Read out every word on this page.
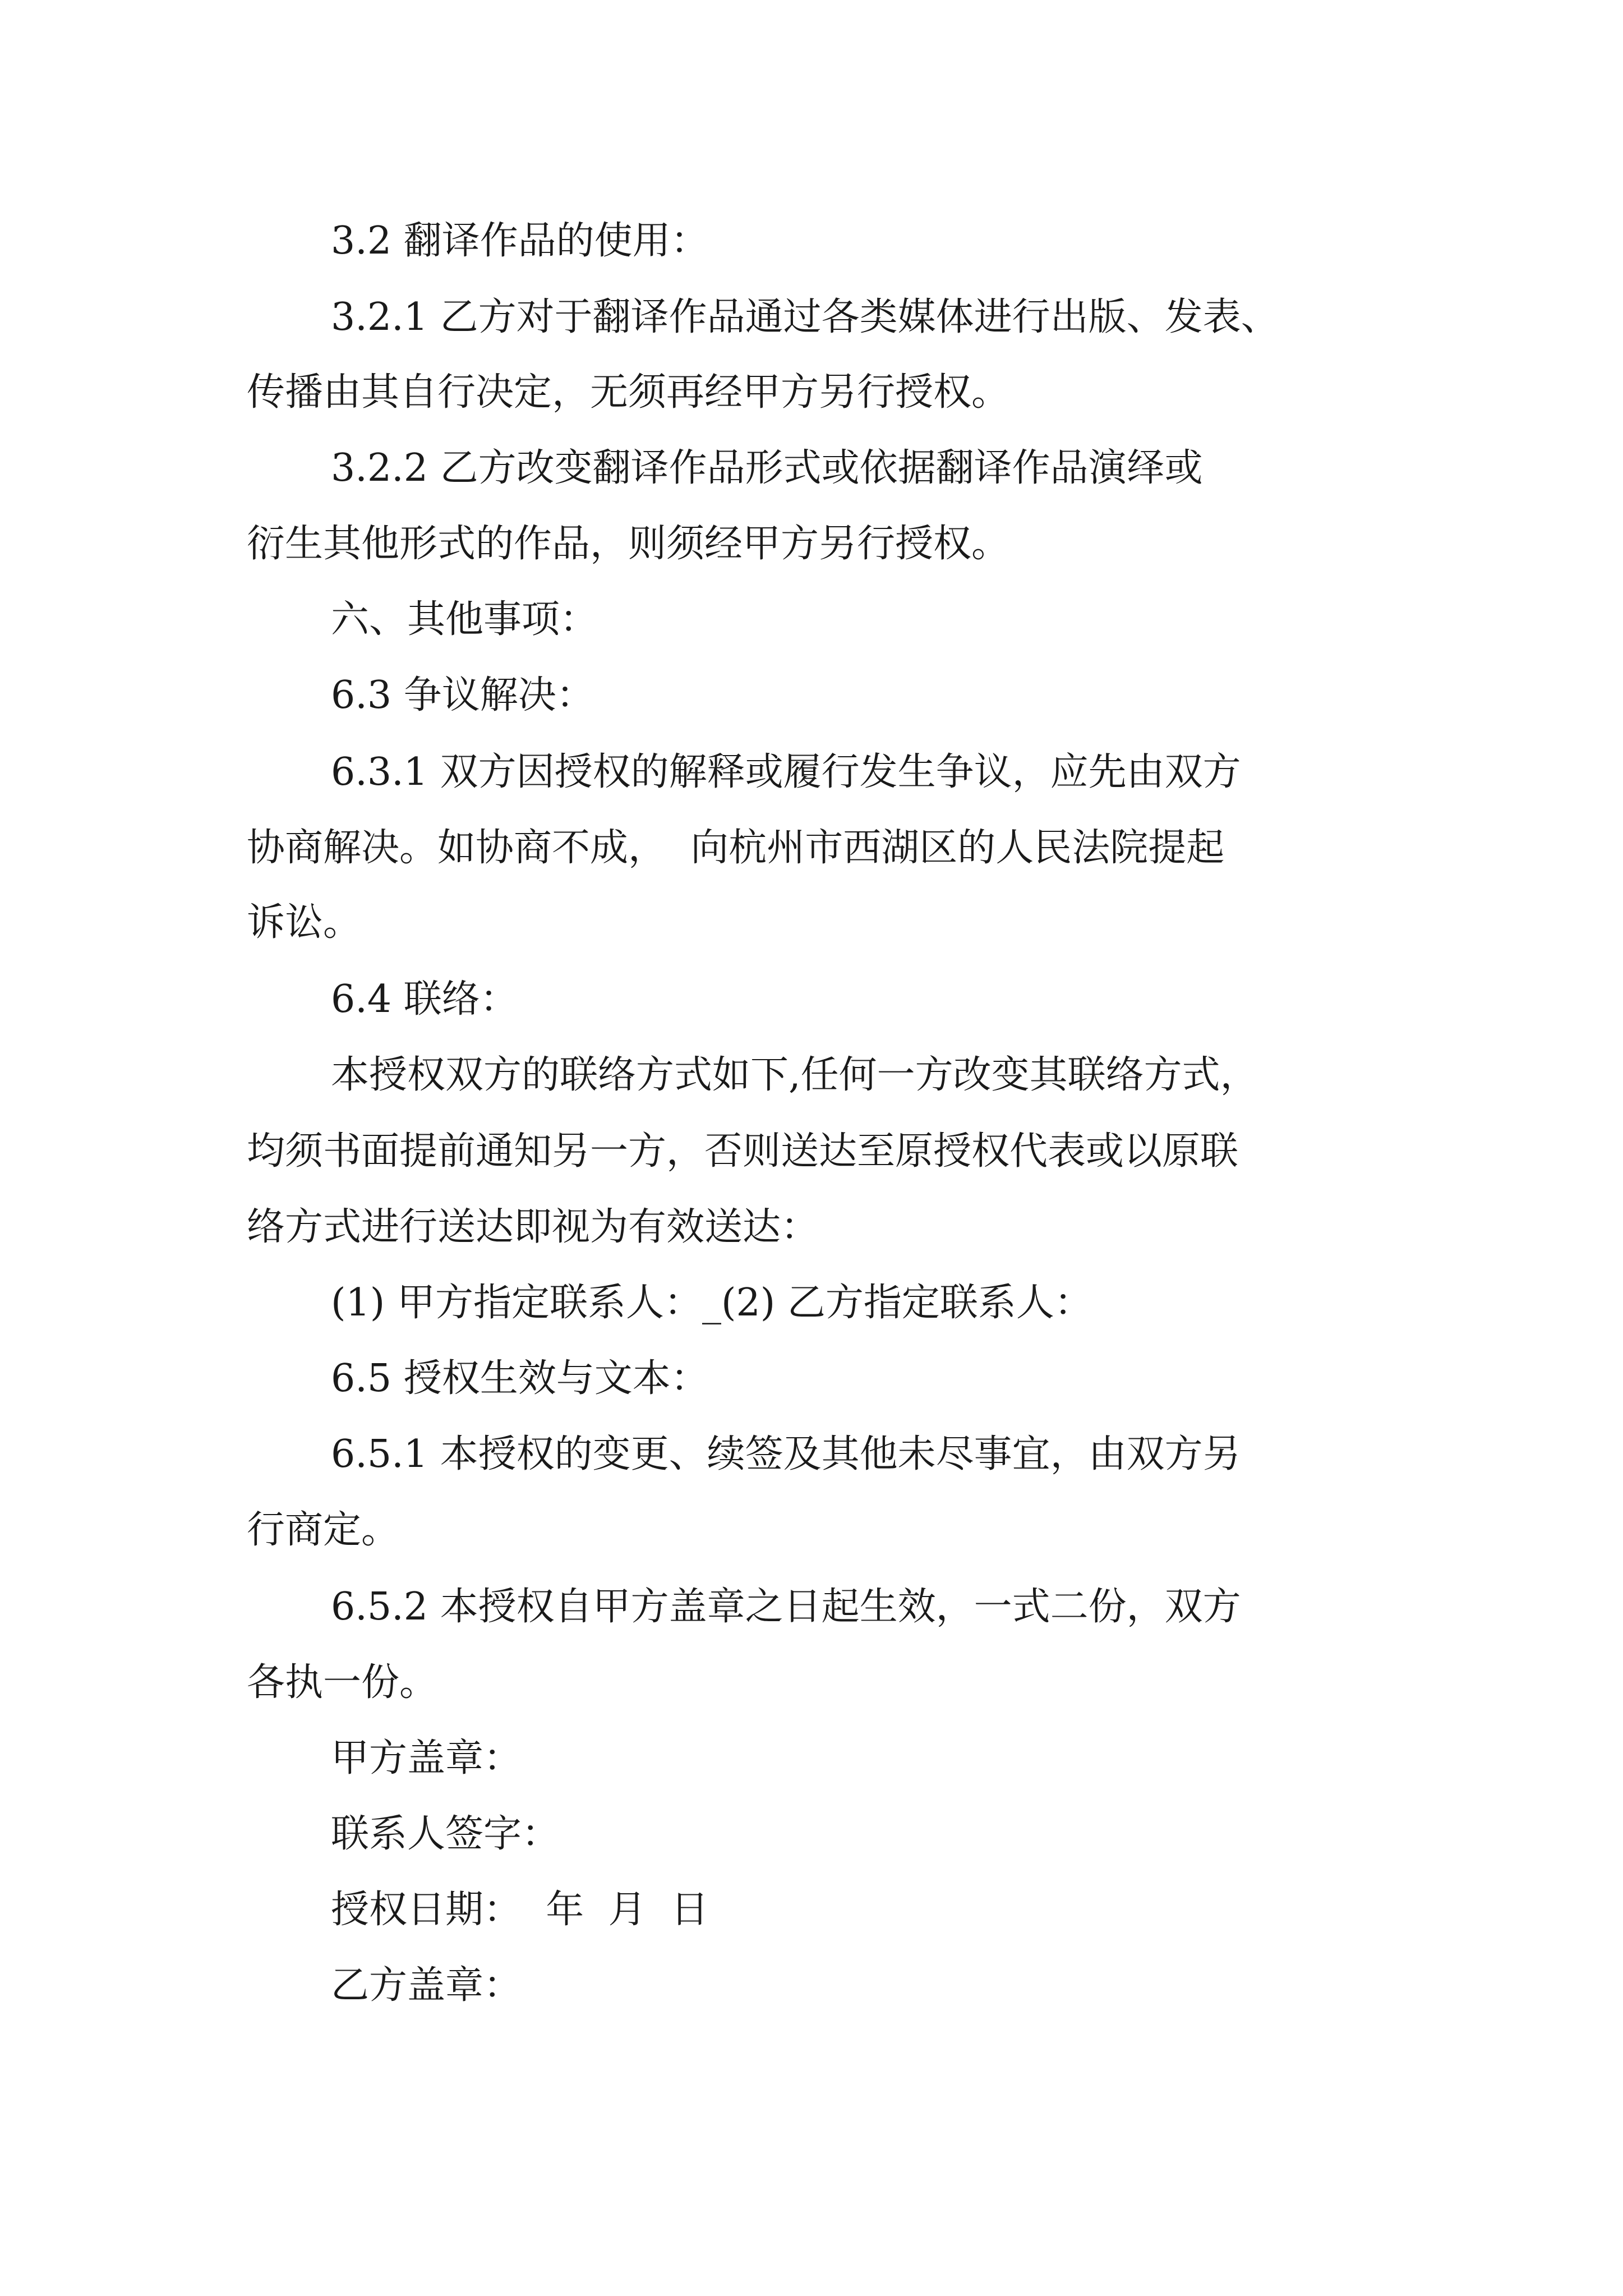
3.2 翻译作品的使用：

3.2.1 乙方对于翻译作品通过各类媒体进行出版、发表、

传播由其自行决定，无须再经甲方另行授权。

3.2.2 乙方改变翻译作品形式或依据翻译作品演绎或

衍生其他形式的作品，则须经甲方另行授权。

六、其他事项：

6.3 争议解决：

6.3.1 双方因授权的解释或履行发生争议，应先由双方

协商解决。如协商不成，  向杭州市西湖区的人民法院提起

诉讼。

6.4 联络：

本授权双方的联络方式如下,任何一方改变其联络方式，

均须书面提前通知另一方，否则送达至原授权代表或以原联

络方式进行送达即视为有效送达：

(1) 甲方指定联系人：_(2) 乙方指定联系人：

6.5 授权生效与文本：

6.5.1 本授权的变更、续签及其他未尽事宜，由双方另

行商定。

6.5.2 本授权自甲方盖章之日起生效，一式二份，双方

各执一份。

甲方盖章：

联系人签字：

授权日期：  年  月  日

乙方盖章：
